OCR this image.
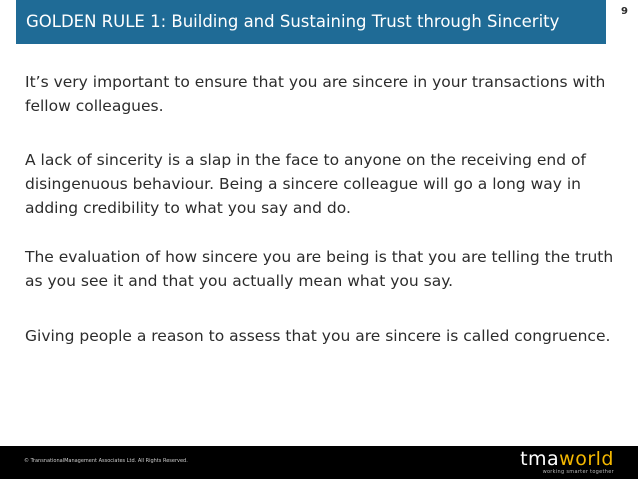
GOLDEN RULE 1: Building and Sustaining Trust through Sincerity
9

It’s very important to ensure that you are sincere in your transactions with fellow colleagues.

A lack of sincerity is a slap in the face to anyone on the receiving end of disingenuous behaviour. Being a sincere colleague will go a long way in adding credibility to what you say and do.

The evaluation of how sincere you are being is that you are telling the truth as you see it and that you actually mean what you say.

Giving people a reason to assess that you are sincere is called congruence.

© TransnationalManagement Associates Ltd. All Rights Reserved.	tmaworld
working smarter together
